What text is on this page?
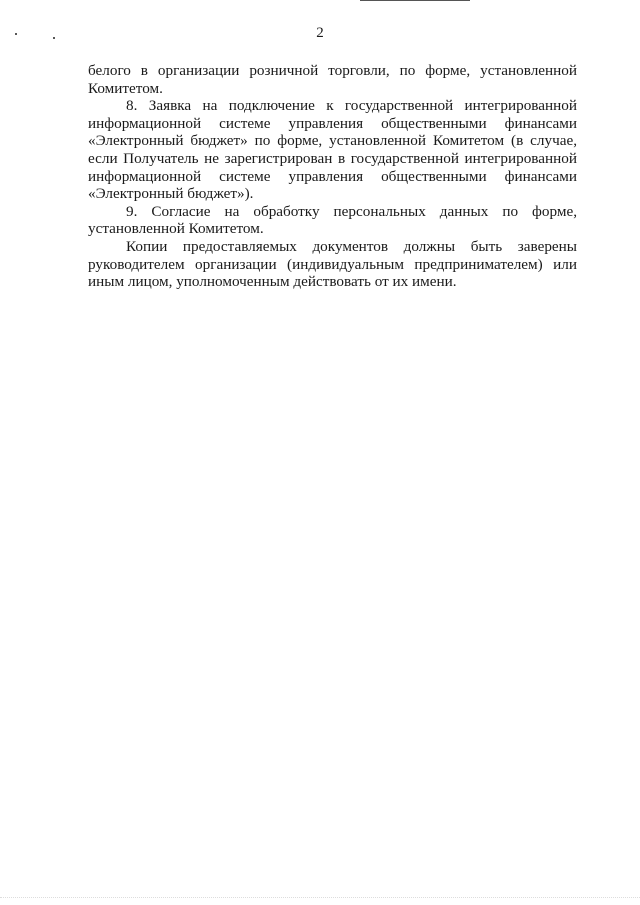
2

белого в организации розничной торговли, по форме, установленной Комитетом.

8. Заявка на подключение к государственной интегрированной информационной системе управления общественными финансами «Электронный бюджет» по форме, установленной Комитетом (в случае, если Получатель не зарегистрирован в государственной интегрированной информационной системе управления общественными финансами «Электронный бюджет»).

9. Согласие на обработку персональных данных по форме, установленной Комитетом.

Копии предоставляемых документов должны быть заверены руководителем организации (индивидуальным предпринимателем) или иным лицом, уполномоченным действовать от их имени.
